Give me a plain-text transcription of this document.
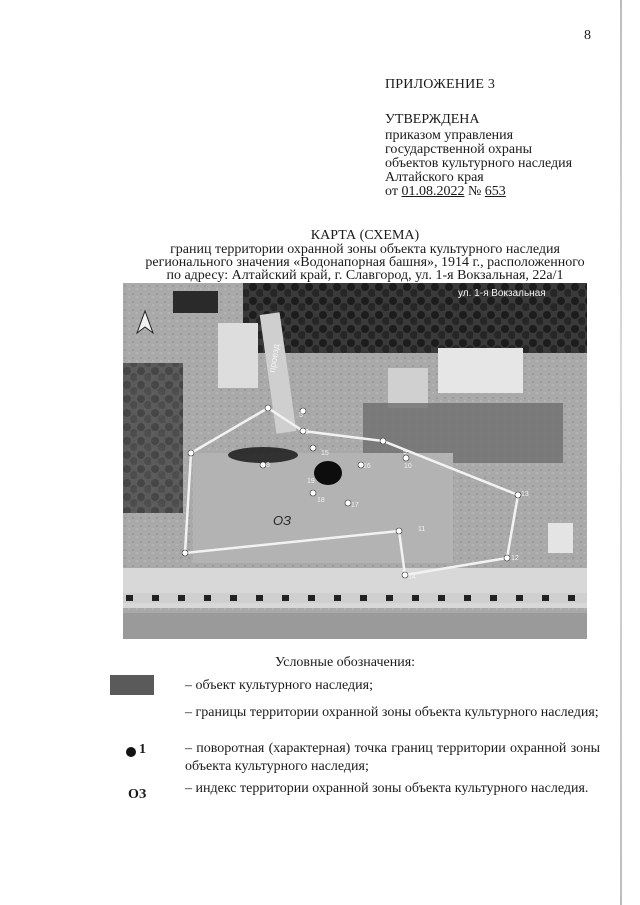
8
ПРИЛОЖЕНИЕ 3
УТВЕРЖДЕНА
приказом управления
государственной охраны
объектов культурного наследия
Алтайского края
от 01.08.2022 № 653
КАРТА (СХЕМА)
границ территории охранной зоны объекта культурного наследия
регионального значения «Водонапорная башня», 1914 г., расположенного
по адресу: Алтайский край, г. Славгород, ул. 1-я Вокзальная, 22а/1
ул. 1-я Вокзальная
проезд
ОЗ
5
3
15	9
10
8	16
19
18
17
13
12
11
14
Условные обозначения:
– объект культурного наследия;
– границы территории охранной зоны объекта культурного наследия;
1	– поворотная (характерная) точка границ территории охранной зоны объекта культурного наследия;
ОЗ	– индекс территории охранной зоны объекта культурного наследия.
